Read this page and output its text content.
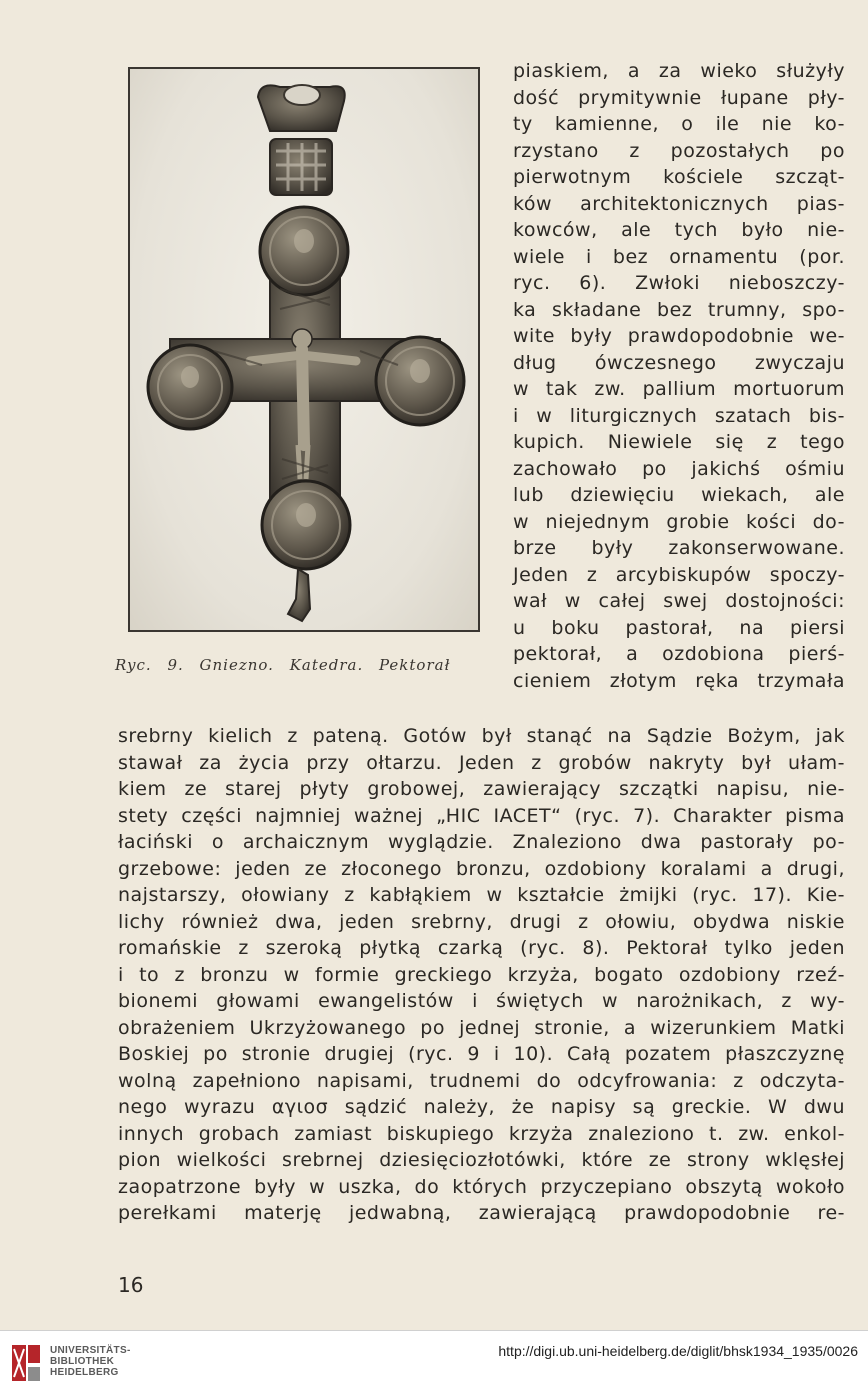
Ryc. 9. Gniezno. Katedra. Pektorał

piaskiem, a za wieko służyły

dość prymitywnie łupane pły-

ty kamienne, o ile nie ko-

rzystano z pozostałych po

pierwotnym kościele szcząt-

ków architektonicznych pias-

kowców, ale tych było nie-

wiele i bez ornamentu (por.

ryc. 6). Zwłoki nieboszczy-

ka składane bez trumny, spo-

wite były prawdopodobnie we-

dług ówczesnego zwyczaju

w tak zw. pallium mortuorum

i w liturgicznych szatach bis-

kupich. Niewiele się z tego

zachowało po jakichś ośmiu

lub dziewięciu wiekach, ale

w niejednym grobie kości do-

brze były zakonserwowane.

Jeden z arcybiskupów spoczy-

wał w całej swej dostojności:

u boku pastorał, na piersi

pektorał, a ozdobiona pierś-

cieniem złotym ręka trzymała

srebrny kielich z pateną. Gotów był stanąć na Sądzie Bożym, jak

stawał za życia przy ołtarzu. Jeden z grobów nakryty był ułam-

kiem ze starej płyty grobowej, zawierający szczątki napisu, nie-

stety części najmniej ważnej „HIC IACET“ (ryc. 7). Charakter pisma

łaciński o archaicznym wyglądzie. Znaleziono dwa pastorały po-

grzebowe: jeden ze złoconego bronzu, ozdobiony koralami a drugi,

najstarszy, ołowiany z kabłąkiem w kształcie żmijki (ryc. 17). Kie-

lichy również dwa, jeden srebrny, drugi z ołowiu, obydwa niskie

romańskie z szeroką płytką czarką (ryc. 8). Pektorał tylko jeden

i to z bronzu w formie greckiego krzyża, bogato ozdobiony rzeź-

bionemi głowami ewangelistów i świętych w narożnikach, z wy-

obrażeniem Ukrzyżowanego po jednej stronie, a wizerunkiem Matki

Boskiej po stronie drugiej (ryc. 9 i 10). Całą pozatem płaszczyznę

wolną zapełniono napisami, trudnemi do odcyfrowania: z odczyta-

nego wyrazu αγιοσ sądzić należy, że napisy są greckie. W dwu

innych grobach zamiast biskupiego krzyża znaleziono t. zw. enkol-

pion wielkości srebrnej dziesięciozłotówki, które ze strony wklęsłej

zaopatrzone były w uszka, do których przyczepiano obszytą wokoło

perełkami materję jedwabną, zawierającą prawdopodobnie re-

16
UNIVERSITÄTS-
BIBLIOTHEK
HEIDELBERG
http://digi.ub.uni-heidelberg.de/diglit/bhsk1934_1935/0026
